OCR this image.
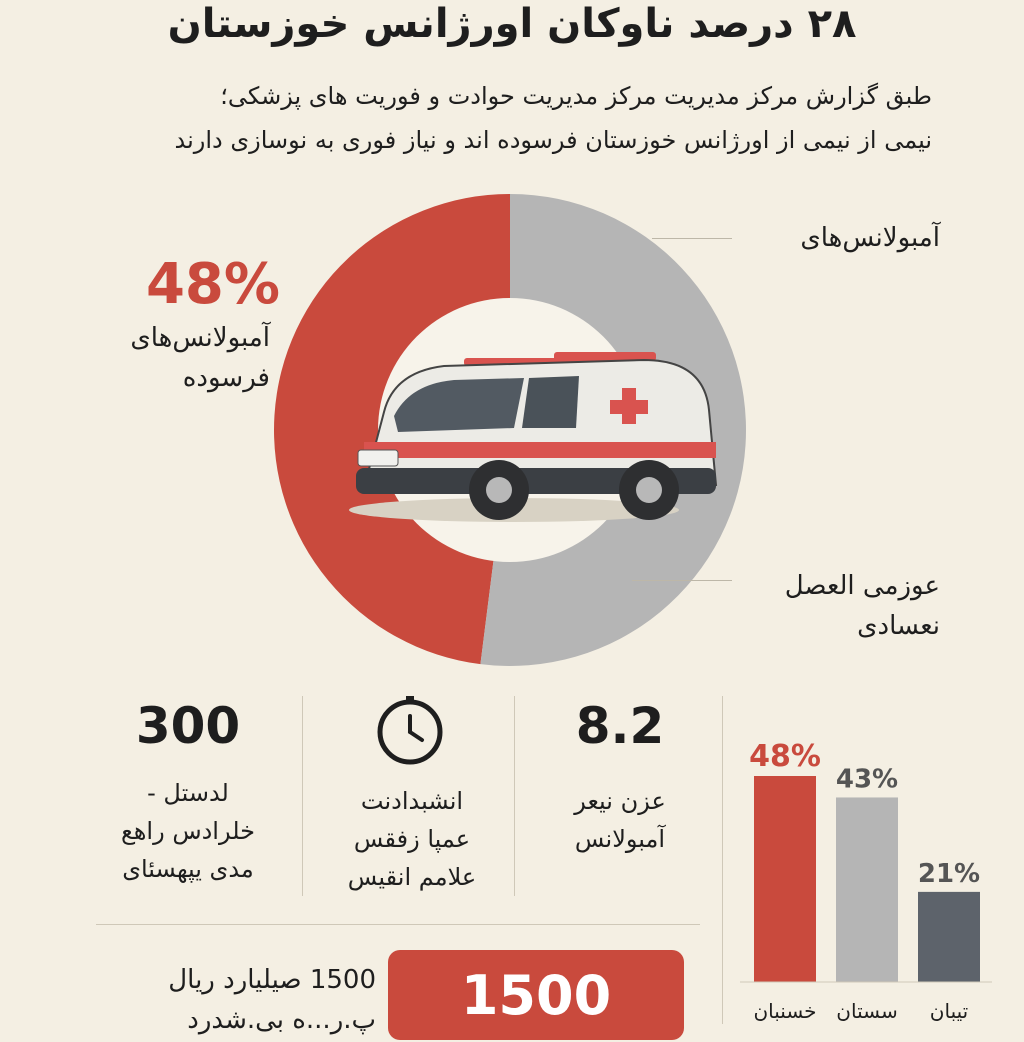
۲۸ درصد ناوکان اورژانس خوزستان

طبق گزارش مرکز مدیریت مرکز مدیریت حوادت و فوریت های پزشکی؛

نیمی از نیمی از اورژانس خوزستان فرسوده اند و نیاز فوری به نوسازی دارند

48%
آمبولانس‌های
فرسوده
آمبولانس‌های
عوزمی العصل
نعسادی
300
لدستل -
خلرادس راهع
مدی یپهسئای
انشبدادنت
عمپا زفقس
علامم انقیس
8.2
عزن نیعر
آمبولانس
48%
خسنبان
43%
سستان
21%
تیبان
1500 صیلیارد ریال
پ.ر...ه بی.شدرد	1500
